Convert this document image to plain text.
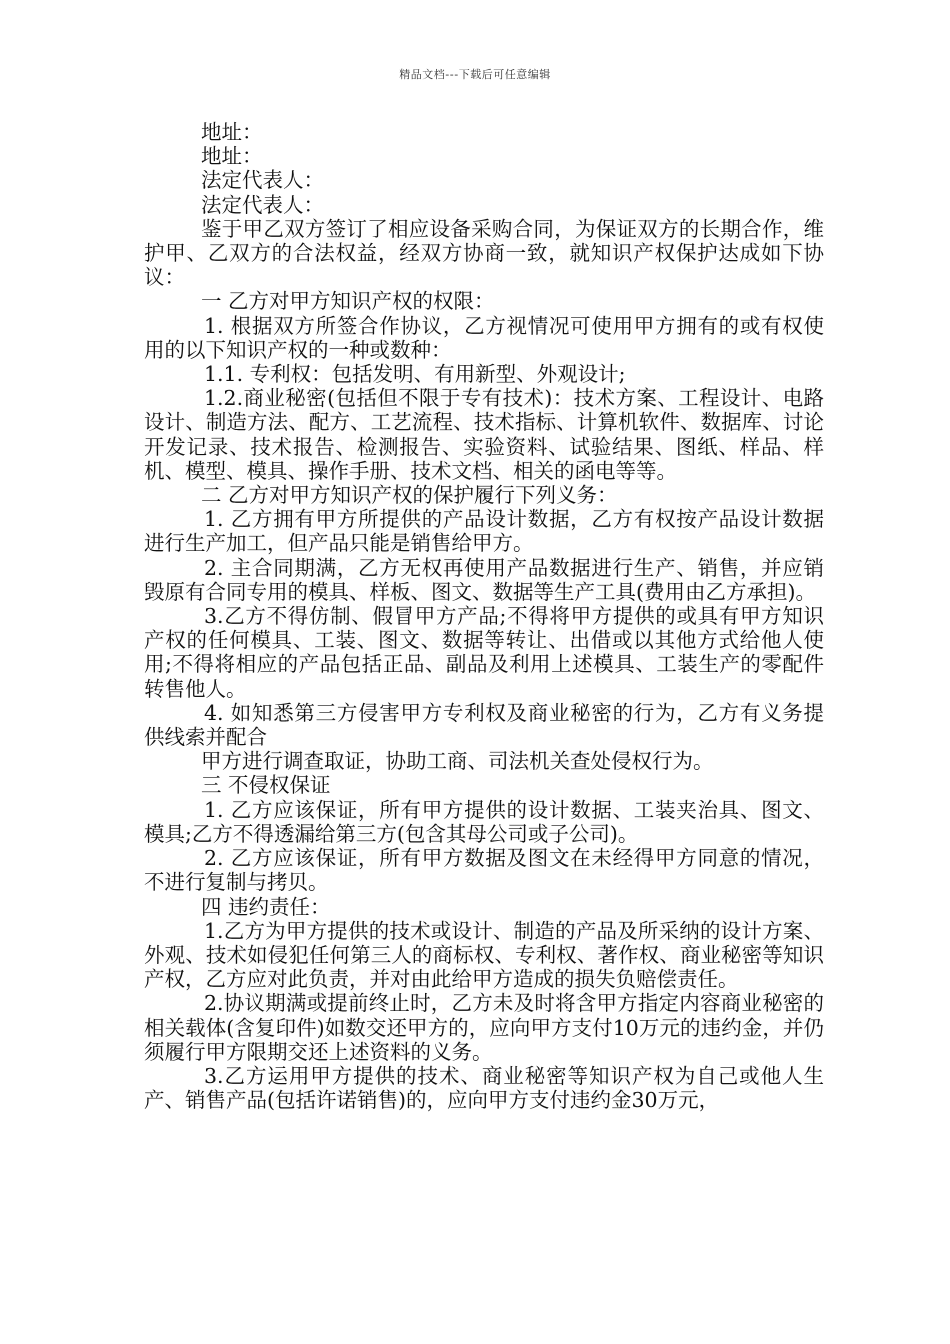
精品文档---下载后可任意编辑

地址：

地址：

法定代表人：

法定代表人：

鉴于甲乙双方签订了相应设备采购合同，为保证双方的长期合作，维护甲、乙双方的合法权益，经双方协商一致，就知识产权保护达成如下协议：

一 乙方对甲方知识产权的权限：

1. 根据双方所签合作协议，乙方视情况可使用甲方拥有的或有权使用的以下知识产权的一种或数种：

1.1. 专利权：包括发明、有用新型、外观设计;

1.2.商业秘密(包括但不限于专有技术)：技术方案、工程设计、电路设计、制造方法、配方、工艺流程、技术指标、计算机软件、数据库、讨论开发记录、技术报告、检测报告、实验资料、试验结果、图纸、样品、样机、模型、模具、操作手册、技术文档、相关的函电等等。

二 乙方对甲方知识产权的保护履行下列义务：

1. 乙方拥有甲方所提供的产品设计数据，乙方有权按产品设计数据进行生产加工，但产品只能是销售给甲方。

2. 主合同期满，乙方无权再使用产品数据进行生产、销售，并应销毁原有合同专用的模具、样板、图文、数据等生产工具(费用由乙方承担)。

3.乙方不得仿制、假冒甲方产品;不得将甲方提供的或具有甲方知识产权的任何模具、工装、图文、数据等转让、出借或以其他方式给他人使用;不得将相应的产品包括正品、副品及利用上述模具、工装生产的零配件转售他人。

4. 如知悉第三方侵害甲方专利权及商业秘密的行为，乙方有义务提供线索并配合

甲方进行调查取证，协助工商、司法机关查处侵权行为。

三 不侵权保证

1. 乙方应该保证，所有甲方提供的设计数据、工装夹治具、图文、模具;乙方不得透漏给第三方(包含其母公司或子公司)。

2. 乙方应该保证，所有甲方数据及图文在未经得甲方同意的情况，不进行复制与拷贝。

四 违约责任：

1.乙方为甲方提供的技术或设计、制造的产品及所采纳的设计方案、外观、技术如侵犯任何第三人的商标权、专利权、著作权、商业秘密等知识产权，乙方应对此负责，并对由此给甲方造成的损失负赔偿责任。

2.协议期满或提前终止时，乙方未及时将含甲方指定内容商业秘密的相关载体(含复印件)如数交还甲方的，应向甲方支付10万元的违约金，并仍须履行甲方限期交还上述资料的义务。

3.乙方运用甲方提供的技术、商业秘密等知识产权为自己或他人生产、销售产品(包括许诺销售)的，应向甲方支付违约金30万元，
